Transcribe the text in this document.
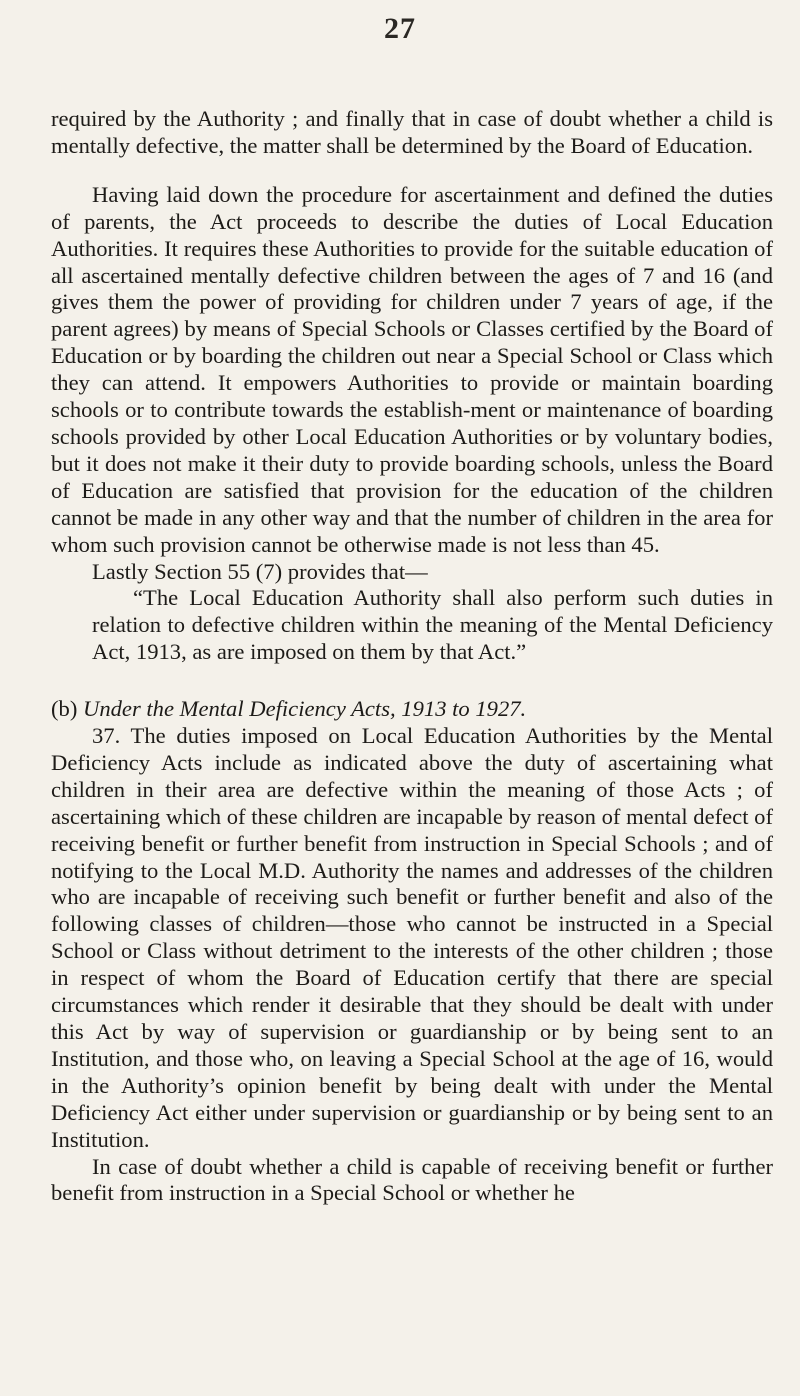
27

required by the Authority ; and finally that in case of doubt whether a child is mentally defective, the matter shall be determined by the Board of Education.

Having laid down the procedure for ascertainment and defined the duties of parents, the Act proceeds to describe the duties of Local Education Authorities. It requires these Authorities to provide for the suitable education of all ascertained mentally defective children between the ages of 7 and 16 (and gives them the power of providing for children under 7 years of age, if the parent agrees) by means of Special Schools or Classes certified by the Board of Education or by boarding the children out near a Special School or Class which they can attend. It empowers Authorities to provide or maintain boarding schools or to contribute towards the establish-ment or maintenance of boarding schools provided by other Local Education Authorities or by voluntary bodies, but it does not make it their duty to provide boarding schools, unless the Board of Education are satisfied that provision for the education of the children cannot be made in any other way and that the number of children in the area for whom such provision cannot be otherwise made is not less than 45.

Lastly Section 55 (7) provides that—

“The Local Education Authority shall also perform such duties in relation to defective children within the meaning of the Mental Deficiency Act, 1913, as are imposed on them by that Act.”

(b) Under the Mental Deficiency Acts, 1913 to 1927.

37. The duties imposed on Local Education Authorities by the Mental Deficiency Acts include as indicated above the duty of ascertaining what children in their area are defective within the meaning of those Acts ; of ascertaining which of these children are incapable by reason of mental defect of receiving benefit or further benefit from instruction in Special Schools ; and of notifying to the Local M.D. Authority the names and addresses of the children who are incapable of receiving such benefit or further benefit and also of the following classes of children—those who cannot be instructed in a Special School or Class without detriment to the interests of the other children ; those in respect of whom the Board of Education certify that there are special circumstances which render it desirable that they should be dealt with under this Act by way of supervision or guardianship or by being sent to an Institution, and those who, on leaving a Special School at the age of 16, would in the Authority’s opinion benefit by being dealt with under the Mental Deficiency Act either under supervision or guardianship or by being sent to an Institution.

In case of doubt whether a child is capable of receiving benefit or further benefit from instruction in a Special School or whether he
